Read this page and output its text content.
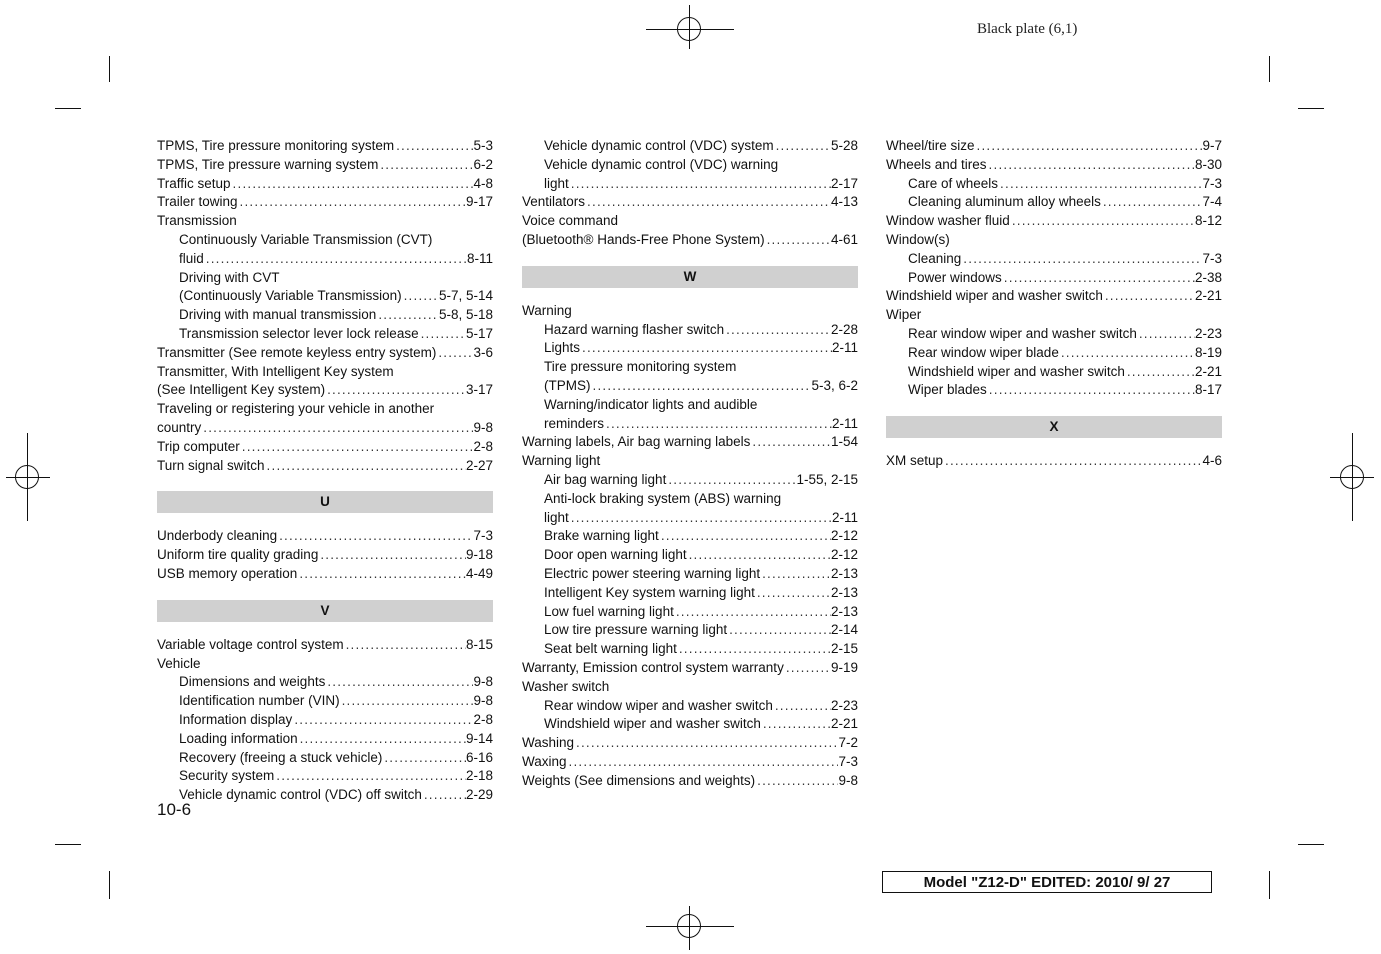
Black plate (6,1)
TPMS, Tire pressure monitoring system .....	5-3
TPMS, Tire pressure warning system .....	6-2
Traffic setup .....	4-8
Trailer towing .....	9-17
Transmission
Continuously Variable Transmission (CVT)
fluid .....	8-11
Driving with CVT
(Continuously Variable Transmission) .....	5-7, 5-14
Driving with manual transmission .....	5-8, 5-18
Transmission selector lever lock release .....	5-17
Transmitter (See remote keyless entry system) .....	3-6
Transmitter, With Intelligent Key system
(See Intelligent Key system) .....	3-17
Traveling or registering your vehicle in another
country .....	9-8
Trip computer .....	2-8
Turn signal switch .....	2-27
U
Underbody cleaning .....	7-3
Uniform tire quality grading .....	9-18
USB memory operation .....	4-49
V
Variable voltage control system .....	8-15
Vehicle
Dimensions and weights .....	9-8
Identification number (VIN) .....	9-8
Information display .....	2-8
Loading information .....	9-14
Recovery (freeing a stuck vehicle) .....	6-16
Security system .....	2-18
Vehicle dynamic control (VDC) off switch .....	2-29
Vehicle dynamic control (VDC) system .....	5-28
Vehicle dynamic control (VDC) warning
light .....	2-17
Ventilators .....	4-13
Voice command
(Bluetooth® Hands-Free Phone System) .....	4-61
W
Warning
Hazard warning flasher switch .....	2-28
Lights .....	2-11
Tire pressure monitoring system
(TPMS) .....	5-3, 6-2
Warning/indicator lights and audible
reminders .....	2-11
Warning labels, Air bag warning labels .....	1-54
Warning light
Air bag warning light .....	1-55, 2-15
Anti-lock braking system (ABS) warning
light .....	2-11
Brake warning light .....	2-12
Door open warning light .....	2-12
Electric power steering warning light .....	2-13
Intelligent Key system warning light .....	2-13
Low fuel warning light .....	2-13
Low tire pressure warning light .....	2-14
Seat belt warning light .....	2-15
Warranty, Emission control system warranty .....	9-19
Washer switch
Rear window wiper and washer switch .....	2-23
Windshield wiper and washer switch .....	2-21
Washing .....	7-2
Waxing .....	7-3
Weights (See dimensions and weights) .....	9-8
Wheel/tire size .....	9-7
Wheels and tires .....	8-30
Care of wheels .....	7-3
Cleaning aluminum alloy wheels .....	7-4
Window washer fluid .....	8-12
Window(s)
Cleaning .....	7-3
Power windows .....	2-38
Windshield wiper and washer switch .....	2-21
Wiper
Rear window wiper and washer switch .....	2-23
Rear window wiper blade .....	8-19
Windshield wiper and washer switch .....	2-21
Wiper blades .....	8-17
X
XM setup .....	4-6
10-6
Model "Z12-D" EDITED: 2010/ 9/ 27
